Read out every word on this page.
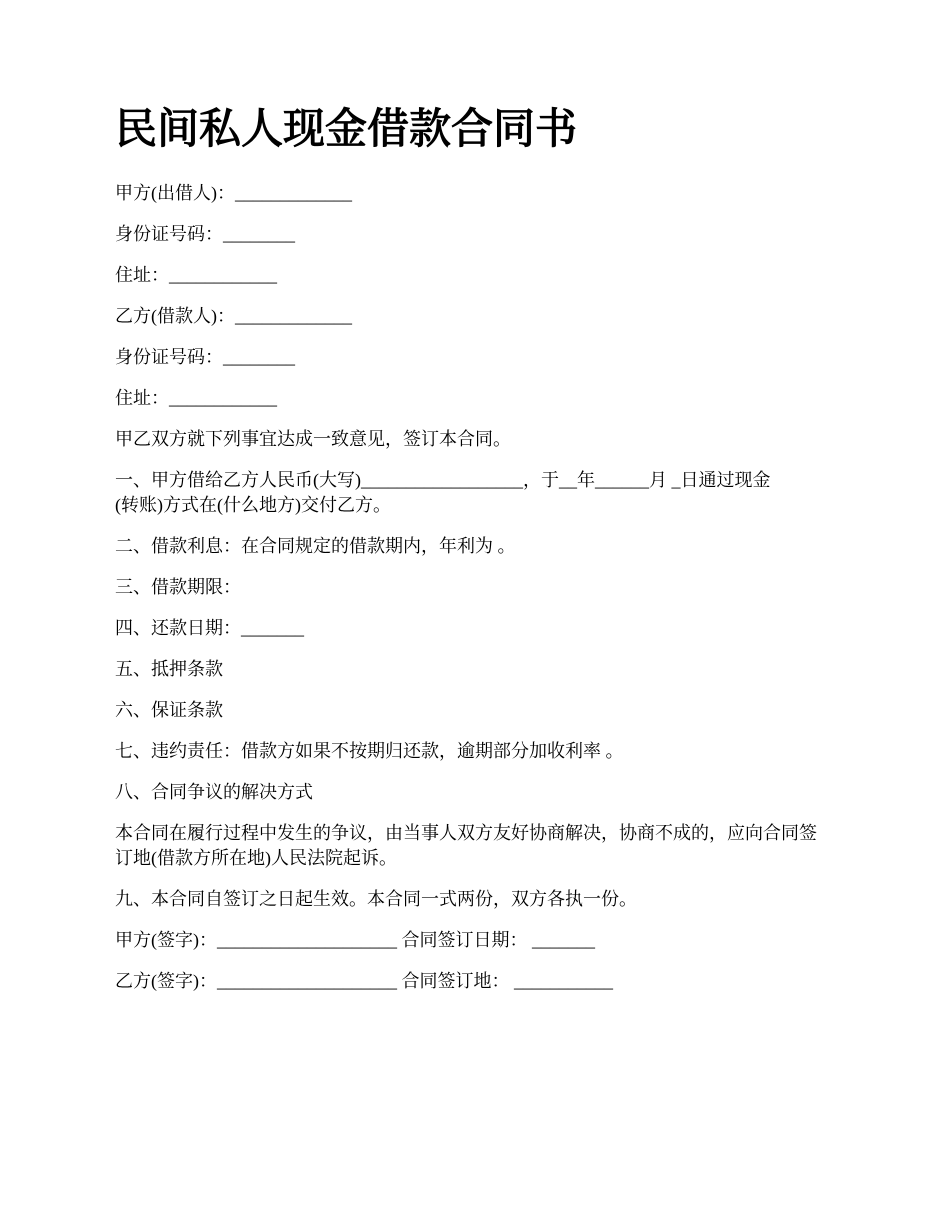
民间私人现金借款合同书

甲方(出借人)：_____________

身份证号码：________

住址：____________

乙方(借款人)：_____________

身份证号码：________

住址：____________

甲乙双方就下列事宜达成一致意见，签订本合同。

一、甲方借给乙方人民币(大写)__________________，于__年______月 _日通过现金
(转账)方式在(什么地方)交付乙方。

二、借款利息：在合同规定的借款期内，年利为 。

三、借款期限：

四、还款日期：_______

五、抵押条款

六、保证条款

七、违约责任：借款方如果不按期归还款，逾期部分加收利率 。

八、合同争议的解决方式

本合同在履行过程中发生的争议，由当事人双方友好协商解决，协商不成的，应向合同签
订地(借款方所在地)人民法院起诉。

九、本合同自签订之日起生效。本合同一式两份，双方各执一份。

甲方(签字)：____________________ 合同签订日期： _______

乙方(签字)：____________________ 合同签订地： ___________
